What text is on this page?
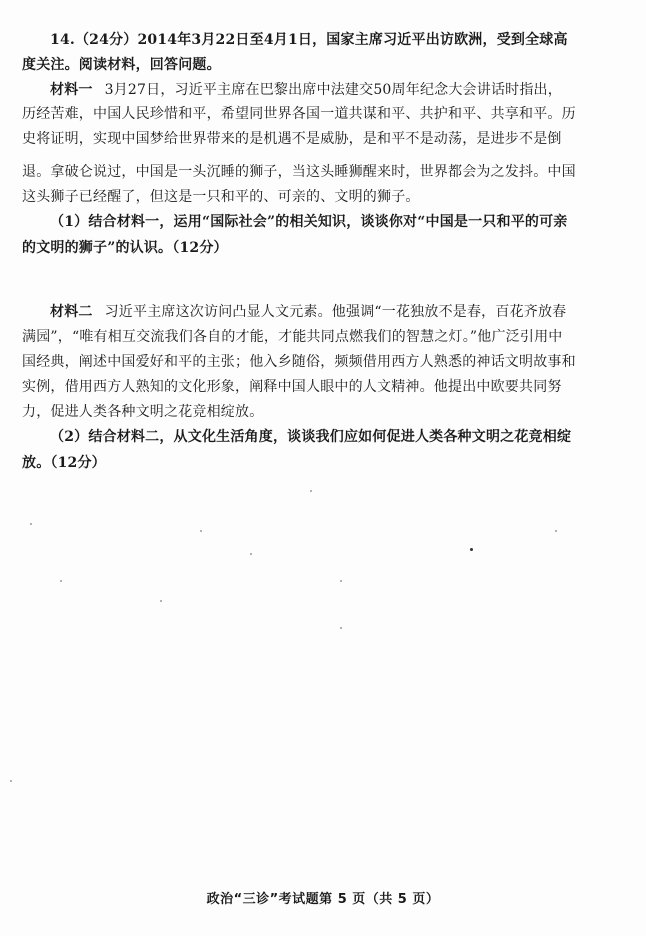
14.（24分）2014年3月22日至4月1日，国家主席习近平出访欧洲，受到全球高
度关注。阅读材料，回答问题。
材料一 3月27日，习近平主席在巴黎出席中法建交50周年纪念大会讲话时指出，
历经苦难，中国人民珍惜和平，希望同世界各国一道共谋和平、共护和平、共享和平。历
史将证明，实现中国梦给世界带来的是机遇不是威胁，是和平不是动荡，是进步不是倒
退。拿破仑说过，中国是一头沉睡的狮子，当这头睡狮醒来时，世界都会为之发抖。中国
这头狮子已经醒了，但这是一只和平的、可亲的、文明的狮子。
（1）结合材料一，运用“国际社会”的相关知识，谈谈你对“中国是一只和平的可亲
的文明的狮子”的认识。（12分）
材料二 习近平主席这次访问凸显人文元素。他强调“一花独放不是春，百花齐放春
满园”，“唯有相互交流我们各自的才能，才能共同点燃我们的智慧之灯。”他广泛引用中
国经典，阐述中国爱好和平的主张；他入乡随俗，频频借用西方人熟悉的神话文明故事和
实例，借用西方人熟知的文化形象，阐释中国人眼中的人文精神。他提出中欧要共同努
力，促进人类各种文明之花竞相绽放。
（2）结合材料二，从文化生活角度，谈谈我们应如何促进人类各种文明之花竞相绽
放。（12分）
政治“三诊”考试题第 5 页（共 5 页）
